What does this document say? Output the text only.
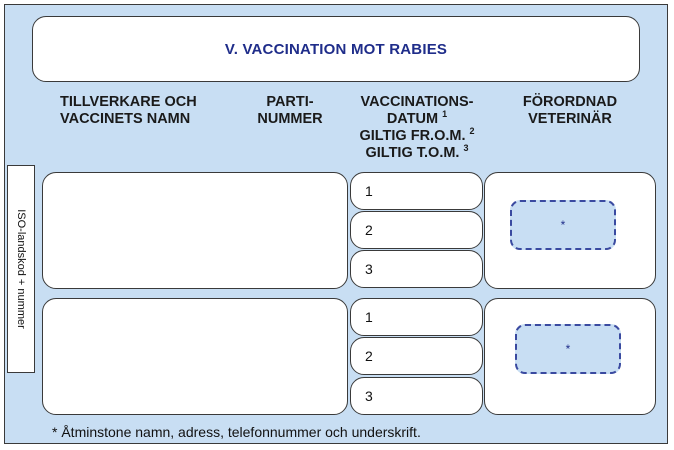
V. VACCINATION MOT RABIES
TILLVERKARE OCH
VACCINETS NAMN
PARTI-
NUMMER
VACCINATIONS-
DATUM $^1$
GILTIG FR.O.M. $^2$
GILTIG T.O.M. $^3$
FÖRORDNAD
VETERINÄR
ISO-landskod + nummer
1
2
3
*
1
2
3
*
* Åtminstone namn, adress, telefonnummer och underskrift.
